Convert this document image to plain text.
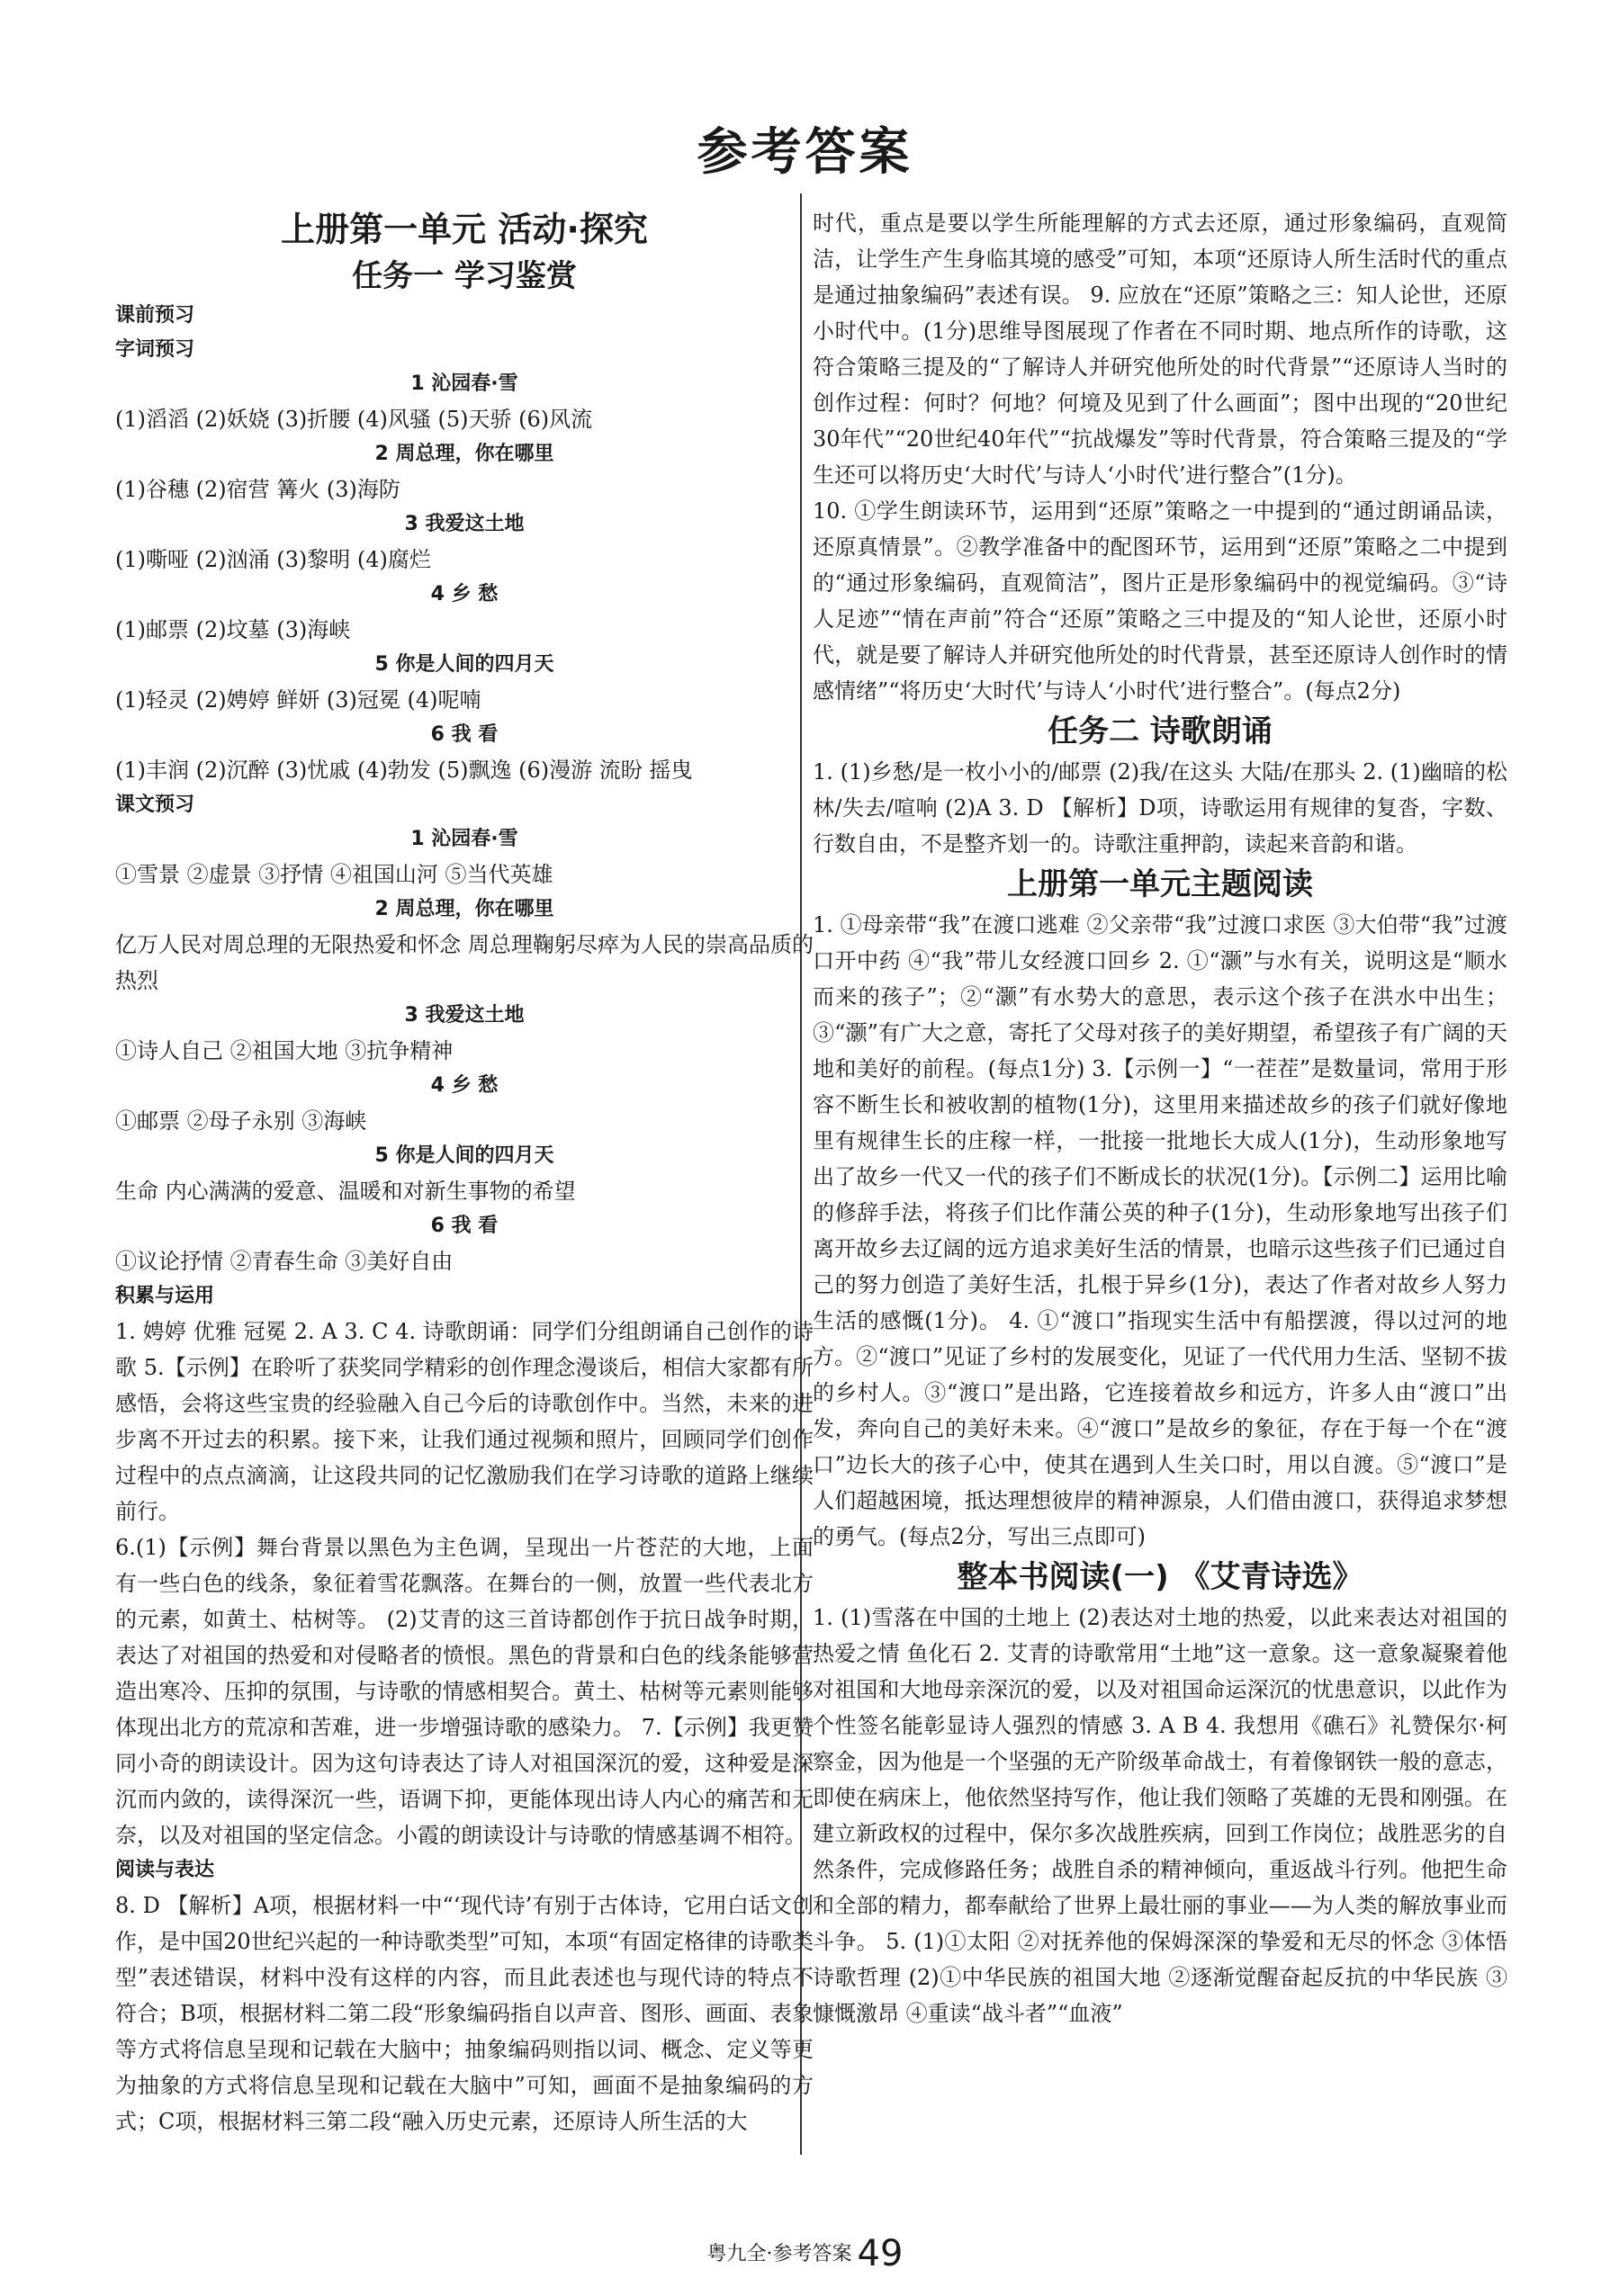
参考答案
上册第一单元 活动·探究
任务一 学习鉴赏
课前预习
字词预习
1 沁园春·雪

(1)滔滔 (2)妖娆 (3)折腰 (4)风骚 (5)天骄 (6)风流

2 周总理，你在哪里

(1)谷穗 (2)宿营 篝火 (3)海防

3 我爱这土地

(1)嘶哑 (2)汹涌 (3)黎明 (4)腐烂

4 乡 愁

(1)邮票 (2)坟墓 (3)海峡

5 你是人间的四月天

(1)轻灵 (2)娉婷 鲜妍 (3)冠冕 (4)呢喃

6 我 看

(1)丰润 (2)沉醉 (3)忧戚 (4)勃发 (5)飘逸 (6)漫游 流盼 摇曳

课文预习
1 沁园春·雪

①雪景 ②虚景 ③抒情 ④祖国山河 ⑤当代英雄

2 周总理，你在哪里

亿万人民对周总理的无限热爱和怀念 周总理鞠躬尽瘁为人民的崇高品质的热烈

3 我爱这土地

①诗人自己 ②祖国大地 ③抗争精神

4 乡 愁

①邮票 ②母子永别 ③海峡

5 你是人间的四月天

生命 内心满满的爱意、温暖和对新生事物的希望

6 我 看

①议论抒情 ②青春生命 ③美好自由

积累与运用

1. 娉婷 优雅 冠冕 2. A 3. C 4. 诗歌朗诵：同学们分组朗诵自己创作的诗歌 5.【示例】在聆听了获奖同学精彩的创作理念漫谈后，相信大家都有所感悟，会将这些宝贵的经验融入自己今后的诗歌创作中。当然，未来的进步离不开过去的积累。接下来，让我们通过视频和照片，回顾同学们创作过程中的点点滴滴，让这段共同的记忆激励我们在学习诗歌的道路上继续前行。

6.(1)【示例】舞台背景以黑色为主色调，呈现出一片苍茫的大地，上面有一些白色的线条，象征着雪花飘落。在舞台的一侧，放置一些代表北方的元素，如黄土、枯树等。 (2)艾青的这三首诗都创作于抗日战争时期，表达了对祖国的热爱和对侵略者的愤恨。黑色的背景和白色的线条能够营造出寒冷、压抑的氛围，与诗歌的情感相契合。黄土、枯树等元素则能够体现出北方的荒凉和苦难，进一步增强诗歌的感染力。 7.【示例】我更赞同小奇的朗读设计。因为这句诗表达了诗人对祖国深沉的爱，这种爱是深沉而内敛的，读得深沉一些，语调下抑，更能体现出诗人内心的痛苦和无奈，以及对祖国的坚定信念。小霞的朗读设计与诗歌的情感基调不相符。

阅读与表达

8. D 【解析】A项，根据材料一中“‘现代诗’有别于古体诗，它用白话文创作，是中国20世纪兴起的一种诗歌类型”可知，本项“有固定格律的诗歌类型”表述错误，材料中没有这样的内容，而且此表述也与现代诗的特点不符合；B项，根据材料二第二段“形象编码指自以声音、图形、画面、表象等方式将信息呈现和记载在大脑中；抽象编码则指以词、概念、定义等更为抽象的方式将信息呈现和记载在大脑中”可知，画面不是抽象编码的方式；C项，根据材料三第二段“融入历史元素，还原诗人所生活的大

时代，重点是要以学生所能理解的方式去还原，通过形象编码，直观简洁，让学生产生身临其境的感受”可知，本项“还原诗人所生活时代的重点是通过抽象编码”表述有误。 9. 应放在“还原”策略之三：知人论世，还原小时代中。(1分)思维导图展现了作者在不同时期、地点所作的诗歌，这符合策略三提及的“了解诗人并研究他所处的时代背景”“还原诗人当时的创作过程：何时？何地？何境及见到了什么画面”；图中出现的“20世纪30年代”“20世纪40年代”“抗战爆发”等时代背景，符合策略三提及的“学生还可以将历史‘大时代’与诗人‘小时代’进行整合”(1分)。

10. ①学生朗读环节，运用到“还原”策略之一中提到的“通过朗诵品读，还原真情景”。②教学准备中的配图环节，运用到“还原”策略之二中提到的“通过形象编码，直观简洁”，图片正是形象编码中的视觉编码。③“诗人足迹”“情在声前”符合“还原”策略之三中提及的“知人论世，还原小时代，就是要了解诗人并研究他所处的时代背景，甚至还原诗人创作时的情感情绪”“将历史‘大时代’与诗人‘小时代’进行整合”。(每点2分)

任务二 诗歌朗诵

1. (1)乡愁/是一枚小小的/邮票 (2)我/在这头 大陆/在那头 2. (1)幽暗的松林/失去/喧响 (2)A 3. D 【解析】D项，诗歌运用有规律的复沓，字数、行数自由，不是整齐划一的。诗歌注重押韵，读起来音韵和谐。

上册第一单元主题阅读

1. ①母亲带“我”在渡口逃难 ②父亲带“我”过渡口求医 ③大伯带“我”过渡口开中药 ④“我”带儿女经渡口回乡 2. ①“灏”与水有关，说明这是“顺水而来的孩子”；②“灏”有水势大的意思，表示这个孩子在洪水中出生；③“灏”有广大之意，寄托了父母对孩子的美好期望，希望孩子有广阔的天地和美好的前程。(每点1分) 3.【示例一】“一茬茬”是数量词，常用于形容不断生长和被收割的植物(1分)，这里用来描述故乡的孩子们就好像地里有规律生长的庄稼一样，一批接一批地长大成人(1分)，生动形象地写出了故乡一代又一代的孩子们不断成长的状况(1分)。【示例二】运用比喻的修辞手法，将孩子们比作蒲公英的种子(1分)，生动形象地写出孩子们离开故乡去辽阔的远方追求美好生活的情景，也暗示这些孩子们已通过自己的努力创造了美好生活，扎根于异乡(1分)，表达了作者对故乡人努力生活的感慨(1分)。 4. ①“渡口”指现实生活中有船摆渡，得以过河的地方。②“渡口”见证了乡村的发展变化，见证了一代代用力生活、坚韧不拔的乡村人。③“渡口”是出路，它连接着故乡和远方，许多人由“渡口”出发，奔向自己的美好未来。④“渡口”是故乡的象征，存在于每一个在“渡口”边长大的孩子心中，使其在遇到人生关口时，用以自渡。⑤“渡口”是人们超越困境，抵达理想彼岸的精神源泉，人们借由渡口，获得追求梦想的勇气。(每点2分，写出三点即可)

整本书阅读(一) 《艾青诗选》

1. (1)雪落在中国的土地上 (2)表达对土地的热爱，以此来表达对祖国的热爱之情 鱼化石 2. 艾青的诗歌常用“土地”这一意象。这一意象凝聚着他对祖国和大地母亲深沉的爱，以及对祖国命运深沉的忧患意识，以此作为个性签名能彰显诗人强烈的情感 3. A B 4. 我想用《礁石》礼赞保尔·柯察金，因为他是一个坚强的无产阶级革命战士，有着像钢铁一般的意志，即使在病床上，他依然坚持写作，他让我们领略了英雄的无畏和刚强。在建立新政权的过程中，保尔多次战胜疾病，回到工作岗位；战胜恶劣的自然条件，完成修路任务；战胜自杀的精神倾向，重返战斗行列。他把生命和全部的精力，都奉献给了世界上最壮丽的事业——为人类的解放事业而斗争。 5. (1)①太阳 ②对抚养他的保姆深深的挚爱和无尽的怀念 ③体悟诗歌哲理 (2)①中华民族的祖国大地 ②逐渐觉醒奋起反抗的中华民族 ③慷慨激昂 ④重读“战斗者”“血液”

粤九全·参考答案 49
